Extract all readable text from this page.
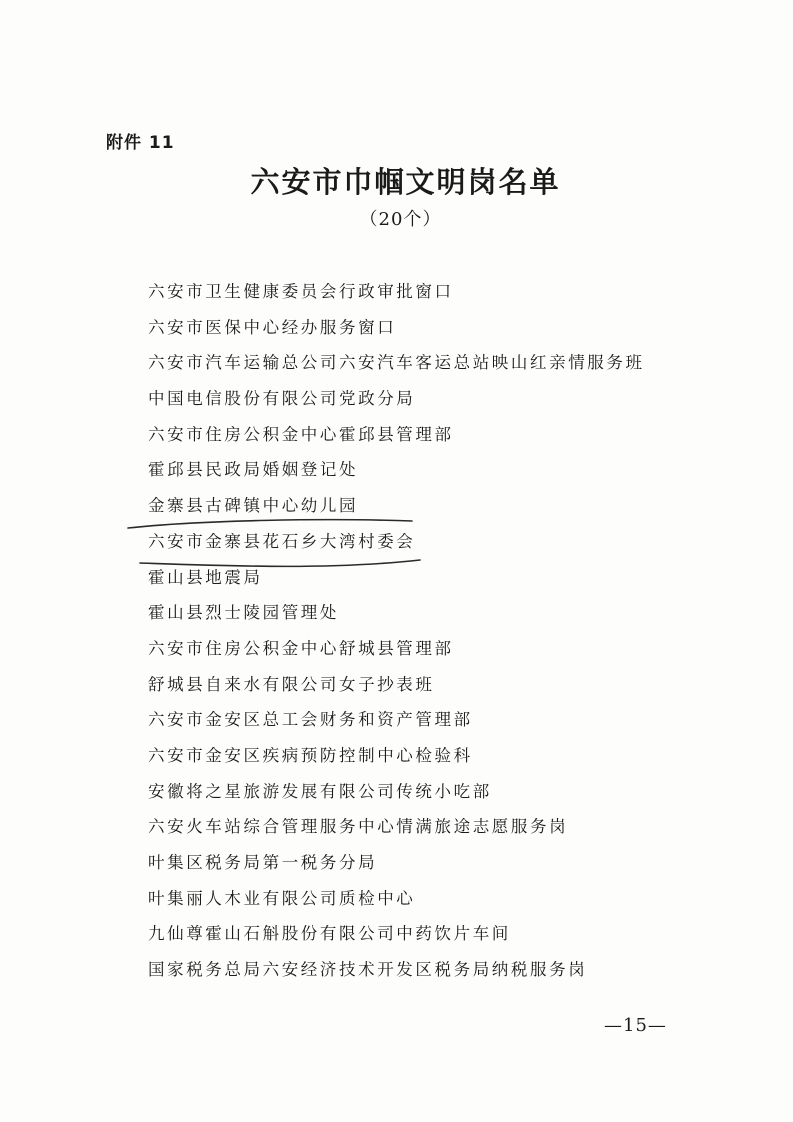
附件 11
六安市巾帼文明岗名单
（20个）
六安市卫生健康委员会行政审批窗口
六安市医保中心经办服务窗口
六安市汽车运输总公司六安汽车客运总站映山红亲情服务班
中国电信股份有限公司党政分局
六安市住房公积金中心霍邱县管理部
霍邱县民政局婚姻登记处
金寨县古碑镇中心幼儿园
六安市金寨县花石乡大湾村委会
霍山县地震局
霍山县烈士陵园管理处
六安市住房公积金中心舒城县管理部
舒城县自来水有限公司女子抄表班
六安市金安区总工会财务和资产管理部
六安市金安区疾病预防控制中心检验科
安徽将之星旅游发展有限公司传统小吃部
六安火车站综合管理服务中心情满旅途志愿服务岗
叶集区税务局第一税务分局
叶集丽人木业有限公司质检中心
九仙尊霍山石斛股份有限公司中药饮片车间
国家税务总局六安经济技术开发区税务局纳税服务岗
—15—
